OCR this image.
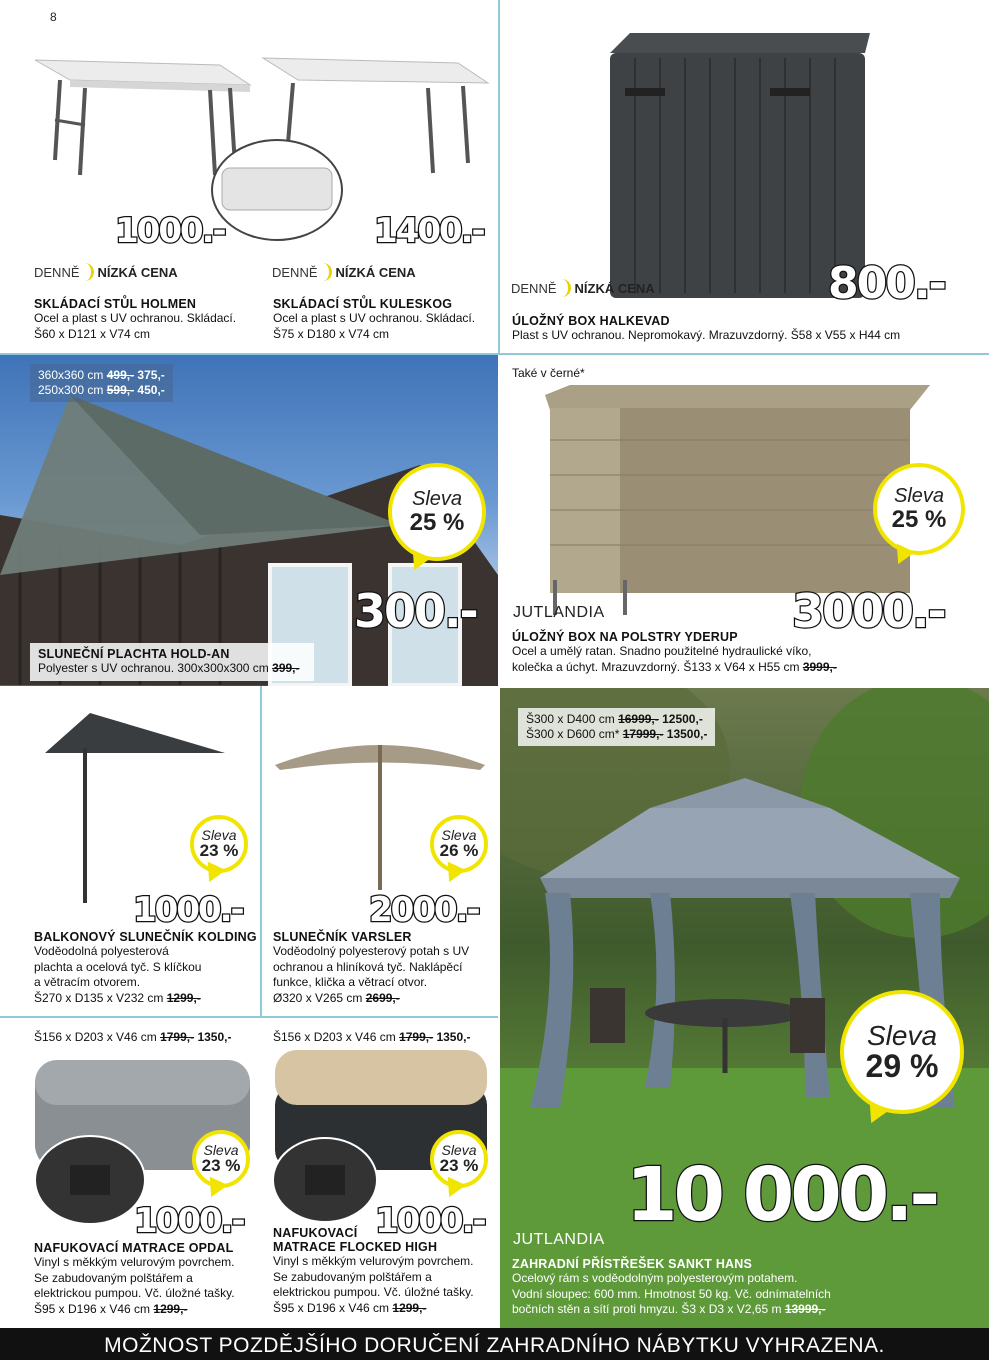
8
1000.-
DENNĚ NÍZKÁ CENA
SKLÁDACÍ STŮL HOLMEN
Ocel a plast s UV ochranou. Skládací.
Š60 x D121 x V74 cm
1400.-
DENNĚ NÍZKÁ CENA
SKLÁDACÍ STŮL KULESKOG
Ocel a plast s UV ochranou. Skládací.
Š75 x D180 x V74 cm
800.-
DENNĚ NÍZKÁ CENA
ÚLOŽNÝ BOX HALKEVAD
Plast s UV ochranou. Nepromokavý. Mrazuvzdorný. Š58 x V55 x H44 cm
360x360 cm 499,- 375,-
250x300 cm 599,- 450,-
Sleva
25 %
300.-
SLUNEČNÍ PLACHTA HOLD-AN
Polyester s UV ochranou. 300x300x300 cm 399,-
Také v černé*
Sleva
25 %
JUTLANDIA	3000.-
ÚLOŽNÝ BOX NA POLSTRY YDERUP
Ocel a umělý ratan. Snadno použitelné hydraulické víko,
kolečka a úchyt. Mrazuvzdorný. Š133 x V64 x H55 cm 3999,-
Sleva
23 %
1000.-
BALKONOVÝ SLUNEČNÍK KOLDING
Voděodolná polyesterová
plachta a ocelová tyč. S klíčkou
a větracím otvorem.
Š270 x D135 x V232 cm 1299,-
Sleva
26 %
2000.-
SLUNEČNÍK VARSLER
Voděodolný polyesterový potah s UV
ochranou a hliníková tyč. Naklápěcí
funkce, klička a větrací otvor.
Ø320 x V265 cm 2699,-
Š300 x D400 cm 16999,- 12500,-
Š300 x D600 cm* 17999,- 13500,-
Sleva
29 %
10 000.-
JUTLANDIA
ZAHRADNÍ PŘÍSTŘEŠEK SANKT HANS
Ocelový rám s voděodolným polyesterovým potahem.
Vodní sloupec: 600 mm. Hmotnost 50 kg. Vč. odnímatelních
bočních stěn a sítí proti hmyzu. Š3 x D3 x V2,65 m 13999,-
Š156 x D203 x V46 cm 1799,- 1350,-
Sleva
23 %
1000.-
NAFUKOVACÍ MATRACE OPDAL
Vinyl s měkkým velurovým povrchem.
Se zabudovaným polštářem a
elektrickou pumpou. Vč. úložné tašky.
Š95 x D196 x V46 cm 1299,-
Š156 x D203 x V46 cm 1799,- 1350,-
Sleva
23 %
1000.-
NAFUKOVACÍ
MATRACE FLOCKED HIGH
Vinyl s měkkým velurovým povrchem.
Se zabudovaným polštářem a
elektrickou pumpou. Vč. úložné tašky.
Š95 x D196 x V46 cm 1299,-
MOŽNOST POZDĚJŠÍHO DORUČENÍ ZAHRADNÍHO NÁBYTKU VYHRAZENA.
